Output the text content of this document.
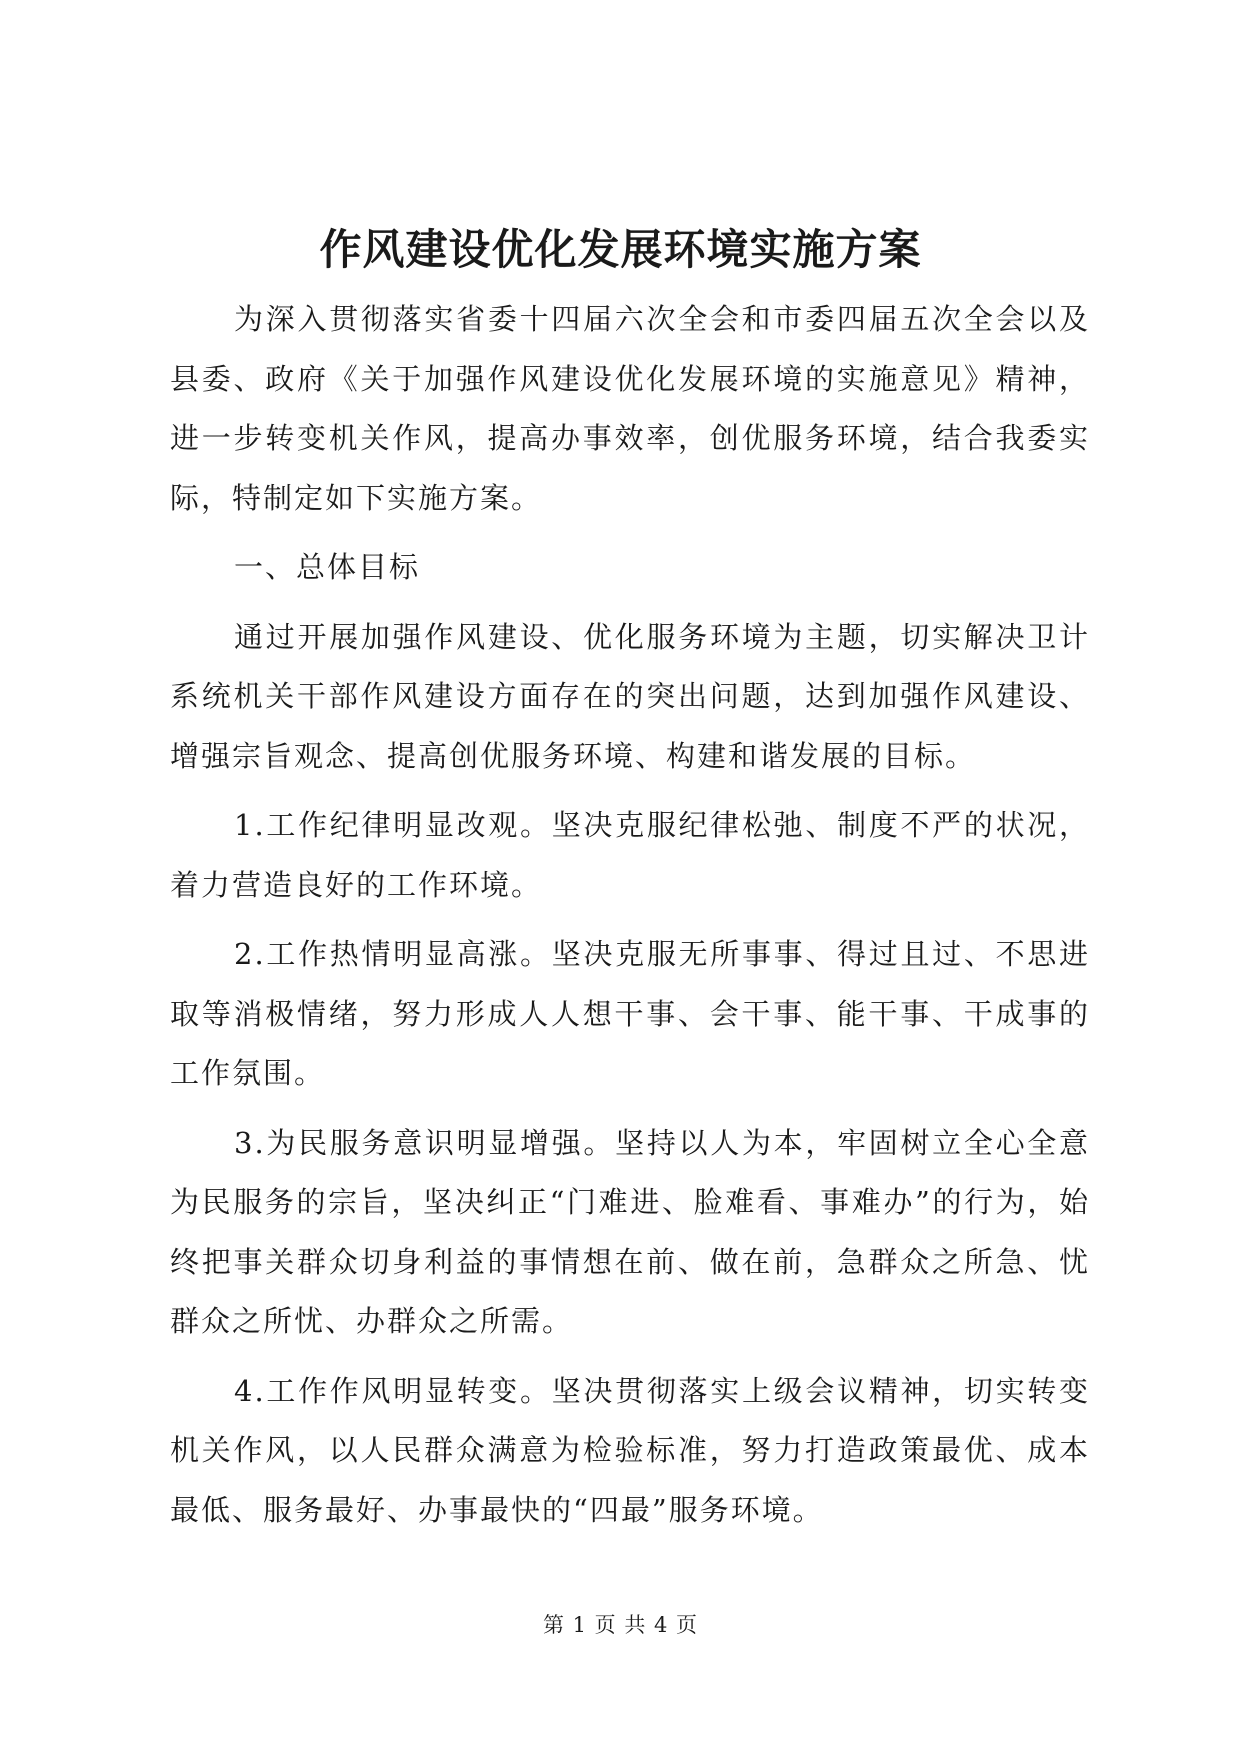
作风建设优化发展环境实施方案

为深入贯彻落实省委十四届六次全会和市委四届五次全会以及县委、政府《关于加强作风建设优化发展环境的实施意见》精神，进一步转变机关作风，提高办事效率，创优服务环境，结合我委实际，特制定如下实施方案。

一、总体目标

通过开展加强作风建设、优化服务环境为主题，切实解决卫计系统机关干部作风建设方面存在的突出问题，达到加强作风建设、增强宗旨观念、提高创优服务环境、构建和谐发展的目标。

1.工作纪律明显改观。坚决克服纪律松弛、制度不严的状况，着力营造良好的工作环境。

2.工作热情明显高涨。坚决克服无所事事、得过且过、不思进取等消极情绪，努力形成人人想干事、会干事、能干事、干成事的工作氛围。

3.为民服务意识明显增强。坚持以人为本，牢固树立全心全意为民服务的宗旨，坚决纠正“门难进、脸难看、事难办”的行为，始终把事关群众切身利益的事情想在前、做在前，急群众之所急、忧群众之所忧、办群众之所需。

4.工作作风明显转变。坚决贯彻落实上级会议精神，切实转变机关作风，以人民群众满意为检验标准，努力打造政策最优、成本最低、服务最好、办事最快的“四最”服务环境。

第 1 页 共 4 页
